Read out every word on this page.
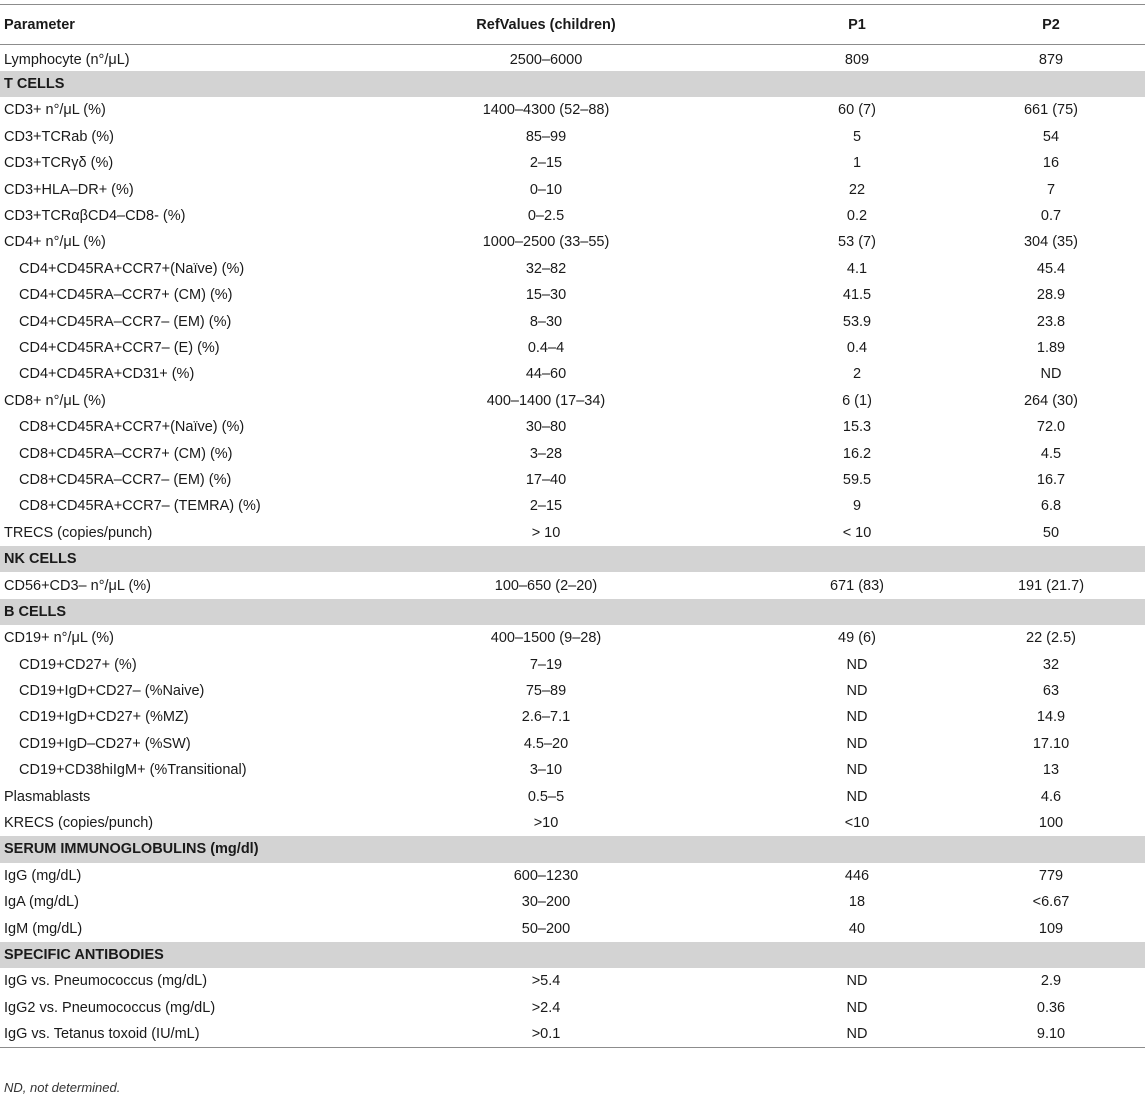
Parameter	RefValues (children)	P1	P2
Lymphocyte (n°/μL)	2500–6000	809	879
T CELLS			
CD3+ n°/μL (%)	1400–4300 (52–88)	60 (7)	661 (75)
CD3+TCRab (%)	85–99	5	54
CD3+TCRγδ (%)	2–15	1	16
CD3+HLA–DR+ (%)	0–10	22	7
CD3+TCRαβCD4–CD8- (%)	0–2.5	0.2	0.7
CD4+ n°/μL (%)	1000–2500 (33–55)	53 (7)	304 (35)
CD4+CD45RA+CCR7+(Naïve) (%)	32–82	4.1	45.4
CD4+CD45RA–CCR7+ (CM) (%)	15–30	41.5	28.9
CD4+CD45RA–CCR7– (EM) (%)	8–30	53.9	23.8
CD4+CD45RA+CCR7– (E) (%)	0.4–4	0.4	1.89
CD4+CD45RA+CD31+ (%)	44–60	2	ND
CD8+ n°/μL (%)	400–1400 (17–34)	6 (1)	264 (30)
CD8+CD45RA+CCR7+(Naïve) (%)	30–80	15.3	72.0
CD8+CD45RA–CCR7+ (CM) (%)	3–28	16.2	4.5
CD8+CD45RA–CCR7– (EM) (%)	17–40	59.5	16.7
CD8+CD45RA+CCR7– (TEMRA) (%)	2–15	9	6.8
TRECS (copies/punch)	> 10	< 10	50
NK CELLS			
CD56+CD3– n°/μL (%)	100–650 (2–20)	671 (83)	191 (21.7)
B CELLS			
CD19+ n°/μL (%)	400–1500 (9–28)	49 (6)	22 (2.5)
CD19+CD27+ (%)	7–19	ND	32
CD19+IgD+CD27– (%Naive)	75–89	ND	63
CD19+IgD+CD27+ (%MZ)	2.6–7.1	ND	14.9
CD19+IgD–CD27+ (%SW)	4.5–20	ND	17.10
CD19+CD38hiIgM+ (%Transitional)	3–10	ND	13
Plasmablasts	0.5–5	ND	4.6
KRECS (copies/punch)	>10	<10	100
SERUM IMMUNOGLOBULINS (mg/dl)			
IgG (mg/dL)	600–1230	446	779
IgA (mg/dL)	30–200	18	<6.67
IgM (mg/dL)	50–200	40	109
SPECIFIC ANTIBODIES			
IgG vs. Pneumococcus (mg/dL)	>5.4	ND	2.9
IgG2 vs. Pneumococcus (mg/dL)	>2.4	ND	0.36
IgG vs. Tetanus toxoid (IU/mL)	>0.1	ND	9.10
ND, not determined.
